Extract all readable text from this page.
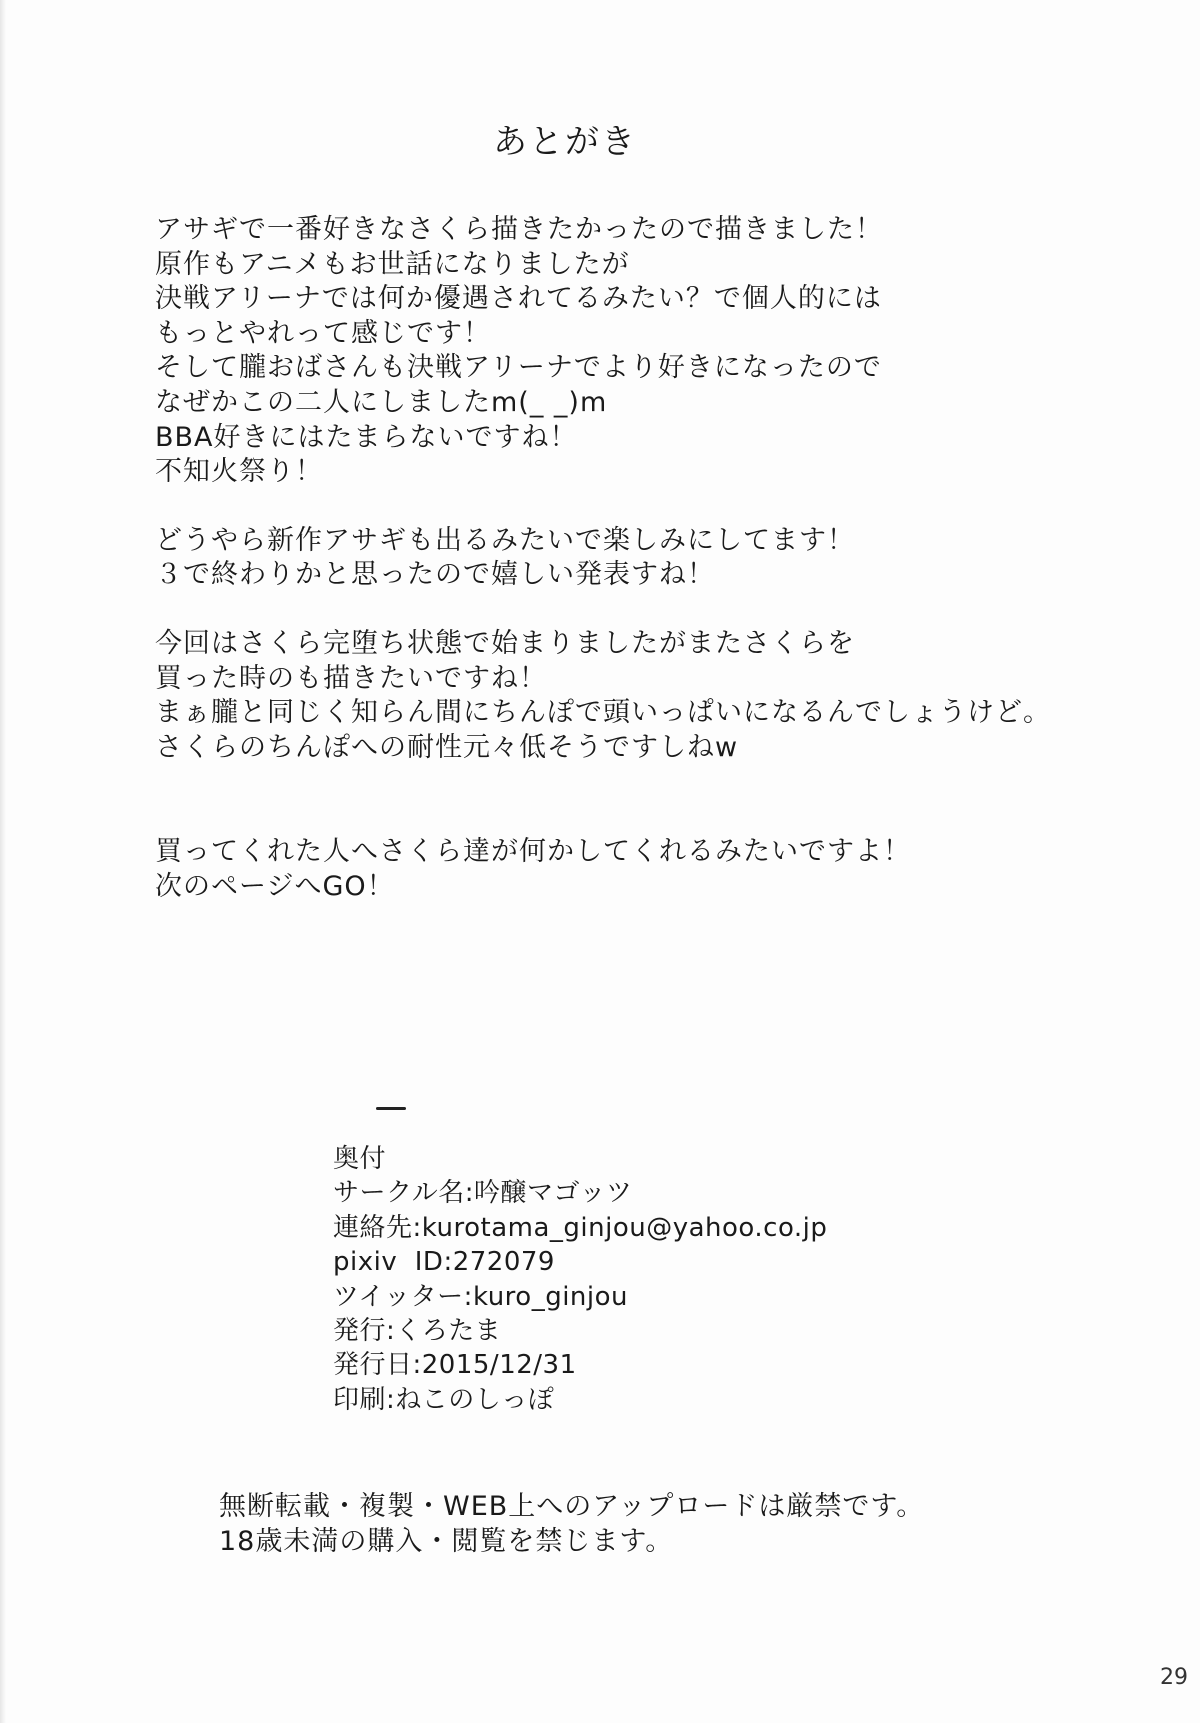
あとがき
アサギで一番好きなさくら描きたかったので描きました！
原作もアニメもお世話になりましたが
決戦アリーナでは何か優遇されてるみたい？で個人的には
もっとやれって感じです！
そして朧おばさんも決戦アリーナでより好きになったので
なぜかこの二人にしましたm(_ _)m
BBA好きにはたまらないですね！
不知火祭り！
どうやら新作アサギも出るみたいで楽しみにしてます！
３で終わりかと思ったので嬉しい発表すね！
今回はさくら完堕ち状態で始まりましたがまたさくらを
買った時のも描きたいですね！
まぁ朧と同じく知らん間にちんぽで頭いっぱいになるんでしょうけど。
さくらのちんぽへの耐性元々低そうですしねw
買ってくれた人へさくら達が何かしてくれるみたいですよ！
次のページへGO！
奥付
サークル名:吟醸マゴッツ
連絡先:kurotama_ginjou@yahoo.co.jp
pixiv  ID:272079
ツイッター:kuro_ginjou
発行:くろたま
発行日:2015/12/31
印刷:ねこのしっぽ
無断転載・複製・WEB上へのアップロードは厳禁です。
18歳未満の購入・閲覧を禁じます。
29
